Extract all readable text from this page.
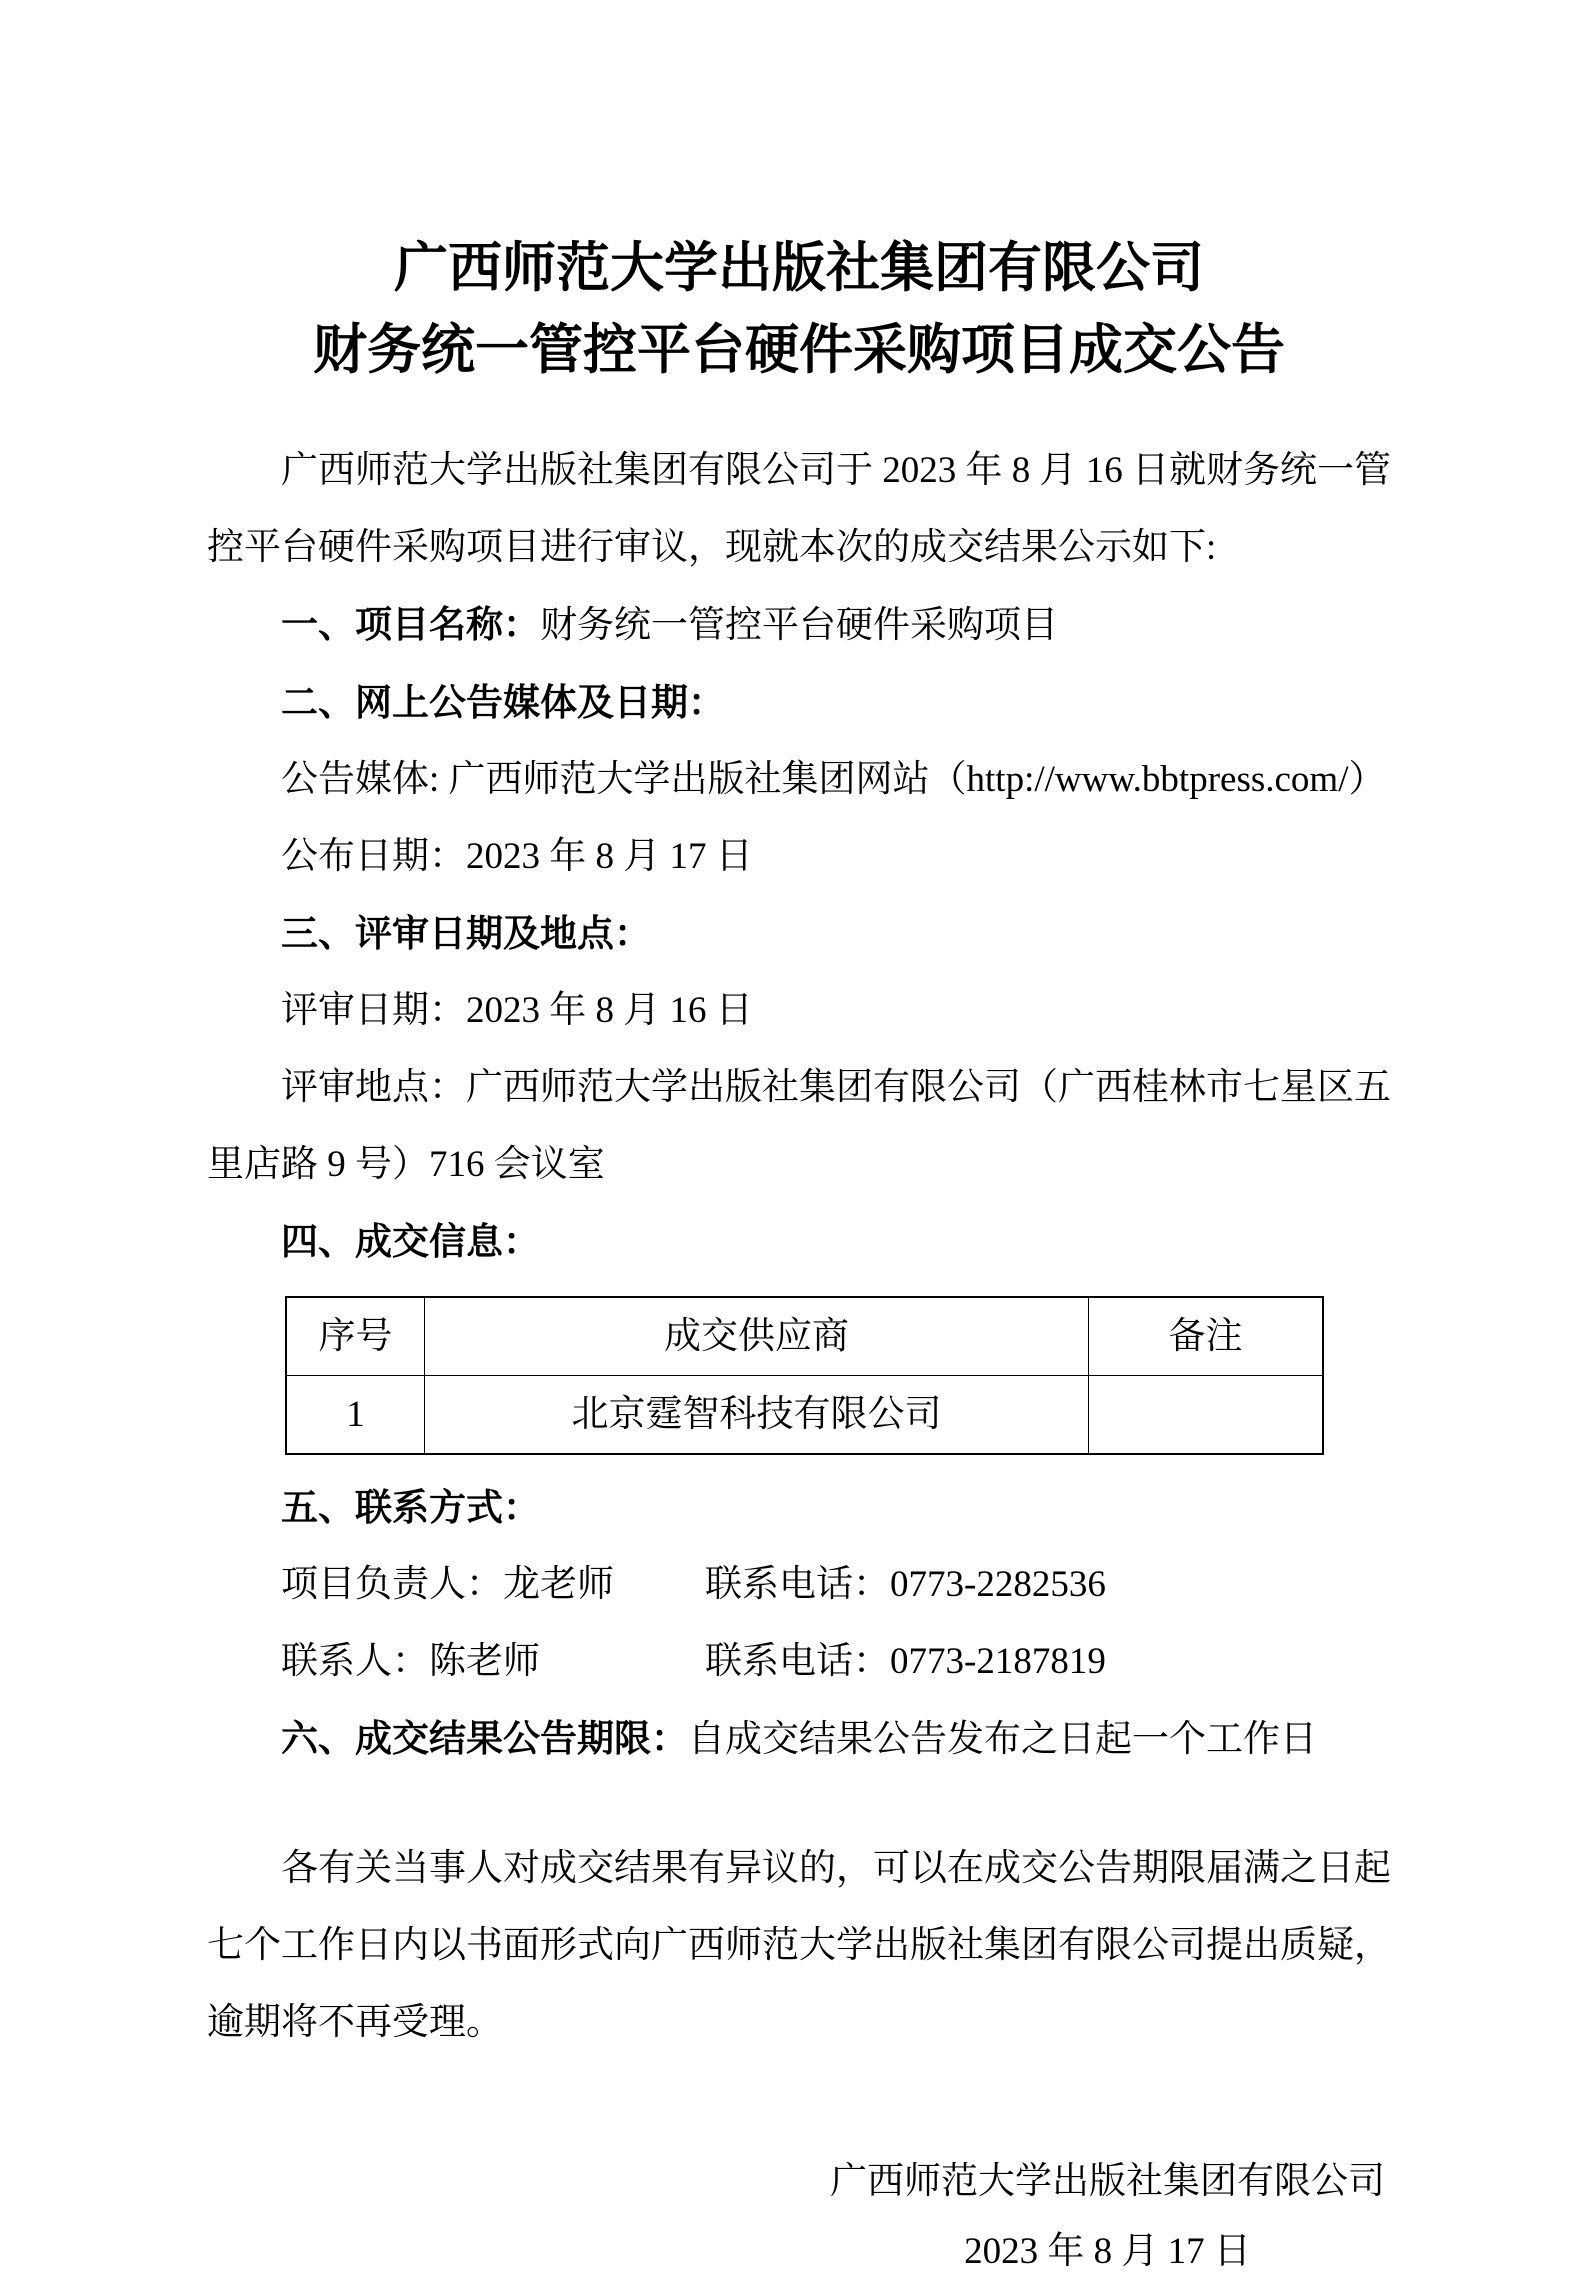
广西师范大学出版社集团有限公司
财务统一管控平台硬件采购项目成交公告

广西师范大学出版社集团有限公司于 2023 年 8 月 16 日就财务统一管控平台硬件采购项目进行审议，现就本次的成交结果公示如下:

一、项目名称：财务统一管控平台硬件采购项目

二、网上公告媒体及日期：

公告媒体: 广西师范大学出版社集团网站（http://www.bbtpress.com/）

公布日期：2023 年 8 月 17 日

三、评审日期及地点：

评审日期：2023 年 8 月 16 日

评审地点：广西师范大学出版社集团有限公司（广西桂林市七星区五里店路 9 号）716 会议室

四、成交信息：

序号	成交供应商	备注
1	北京霆智科技有限公司	

五、联系方式：

项目负责人：龙老师 联系电话：0773-2282536

联系人：陈老师	联系电话：0773-2187819

六、成交结果公告期限：自成交结果公告发布之日起一个工作日

各有关当事人对成交结果有异议的，可以在成交公告期限届满之日起七个工作日内以书面形式向广西师范大学出版社集团有限公司提出质疑，逾期将不再受理。

广西师范大学出版社集团有限公司
2023 年 8 月 17 日
